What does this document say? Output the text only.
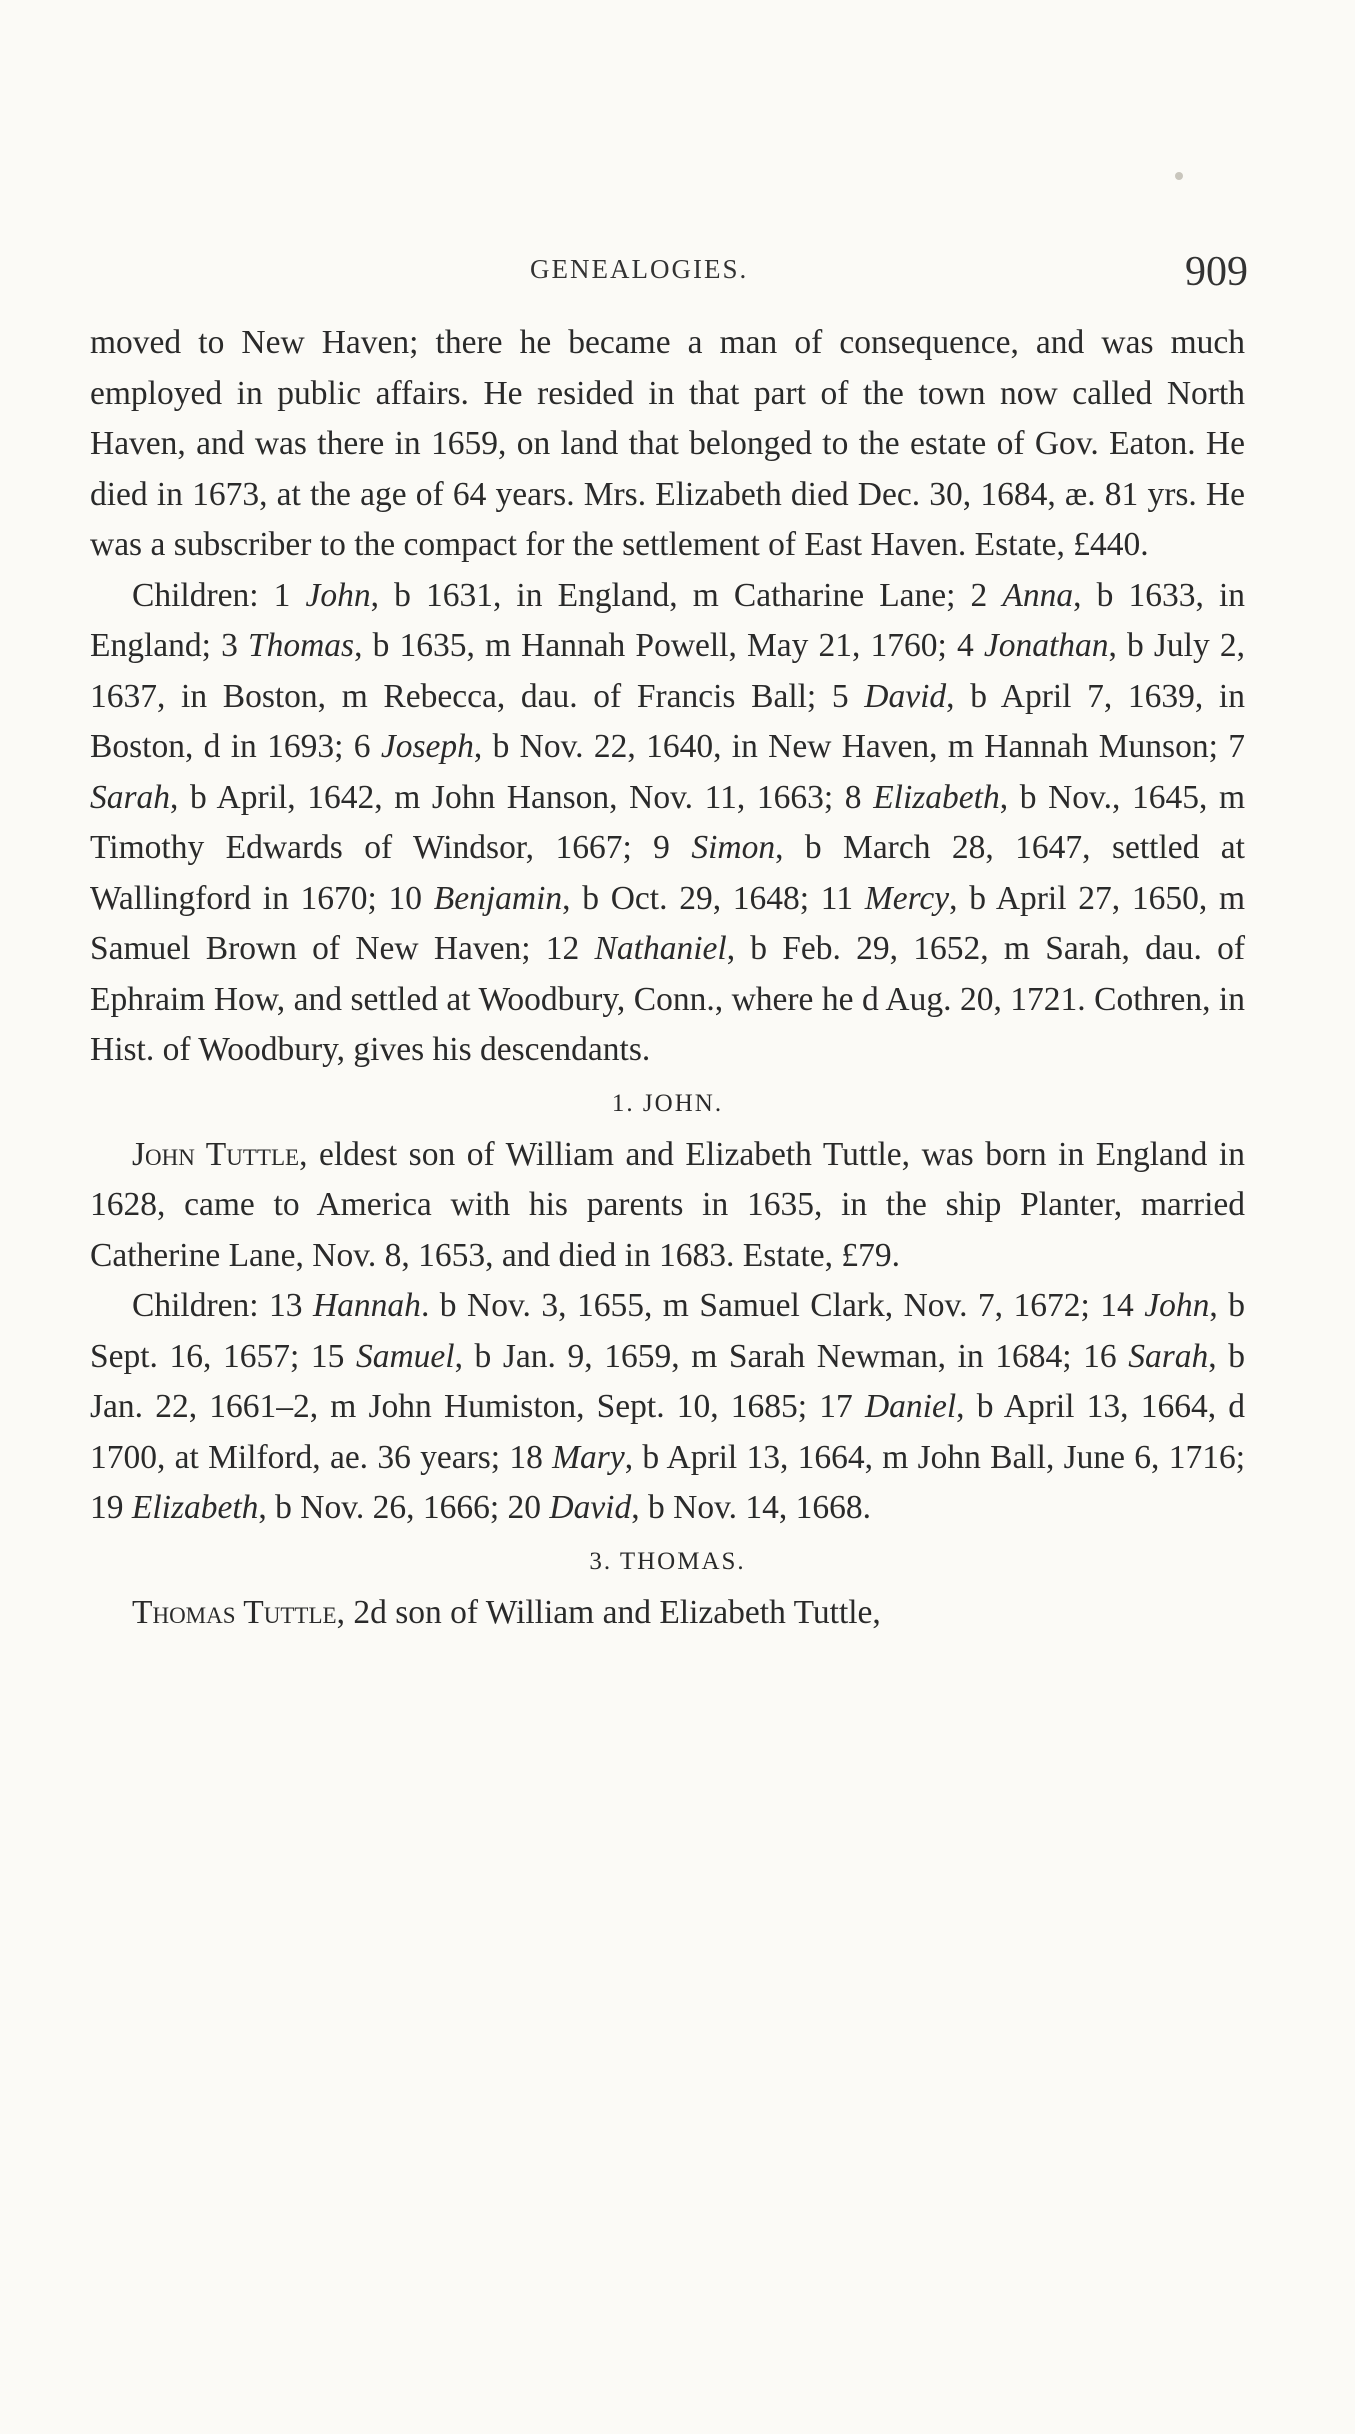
GENEALOGIES.	909

moved to New Haven; there he became a man of consequence, and was much employed in public affairs. He resided in that part of the town now called North Haven, and was there in 1659, on land that belonged to the estate of Gov. Eaton. He died in 1673, at the age of 64 years. Mrs. Elizabeth died Dec. 30, 1684, æ. 81 yrs. He was a subscriber to the compact for the settlement of East Haven. Estate, £440.

Children: 1 John, b 1631, in England, m Catharine Lane; 2 Anna, b 1633, in England; 3 Thomas, b 1635, m Hannah Powell, May 21, 1760; 4 Jonathan, b July 2, 1637, in Boston, m Rebecca, dau. of Francis Ball; 5 David, b April 7, 1639, in Boston, d in 1693; 6 Joseph, b Nov. 22, 1640, in New Haven, m Hannah Munson; 7 Sarah, b April, 1642, m John Hanson, Nov. 11, 1663; 8 Elizabeth, b Nov., 1645, m Timothy Edwards of Windsor, 1667; 9 Simon, b March 28, 1647, settled at Wallingford in 1670; 10 Benjamin, b Oct. 29, 1648; 11 Mercy, b April 27, 1650, m Samuel Brown of New Haven; 12 Nathaniel, b Feb. 29, 1652, m Sarah, dau. of Ephraim How, and settled at Woodbury, Conn., where he d Aug. 20, 1721. Cothren, in Hist. of Woodbury, gives his descendants.

1. JOHN.

John Tuttle, eldest son of William and Elizabeth Tuttle, was born in England in 1628, came to America with his parents in 1635, in the ship Planter, married Catherine Lane, Nov. 8, 1653, and died in 1683. Estate, £79.

Children: 13 Hannah. b Nov. 3, 1655, m Samuel Clark, Nov. 7, 1672; 14 John, b Sept. 16, 1657; 15 Samuel, b Jan. 9, 1659, m Sarah Newman, in 1684; 16 Sarah, b Jan. 22, 1661–2, m John Humiston, Sept. 10, 1685; 17 Daniel, b April 13, 1664, d 1700, at Milford, ae. 36 years; 18 Mary, b April 13, 1664, m John Ball, June 6, 1716; 19 Elizabeth, b Nov. 26, 1666; 20 David, b Nov. 14, 1668.

3. THOMAS.

Thomas Tuttle, 2d son of William and Elizabeth Tuttle,
